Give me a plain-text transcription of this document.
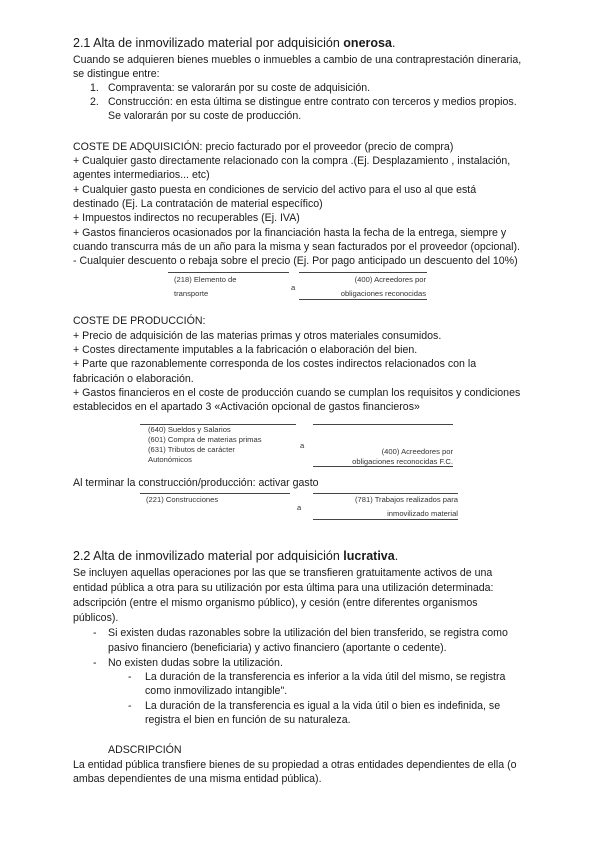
2.1 Alta de inmovilizado material por adquisición onerosa.
Cuando se adquieren bienes muebles o inmuebles a cambio de una contraprestación dineraria,
se distingue entre:
1. Compraventa: se valorarán por su coste de adquisición.
2. Construcción: en esta última se distingue entre contrato con terceros y medios propios.
Se valorarán por su coste de producción.
COSTE DE ADQUISICIÓN: precio facturado por el proveedor (precio de compra)
+ Cualquier gasto directamente relacionado con la compra .(Ej. Desplazamiento , instalación,
agentes intermediarios... etc)
+ Cualquier gasto puesta en condiciones de servicio del activo para el uso al que está
destinado (Ej. La contratación de material específico)
+ Impuestos indirectos no recuperables (Ej. IVA)
+ Gastos financieros ocasionados por la financiación hasta la fecha de la entrega, siempre y
cuando transcurra más de un año para la misma y sean facturados por el proveedor (opcional).
- Cualquier descuento o rebaja sobre el precio (Ej. Por pago anticipado un descuento del 10%)
(218) Elemento de
transporte
a
(400) Acreedores por
obligaciones reconocidas
COSTE DE PRODUCCIÓN:
+ Precio de adquisición de las materias primas y otros materiales consumidos.
+ Costes directamente imputables a la fabricación o elaboración del bien.
+ Parte que razonablemente corresponda de los costes indirectos relacionados con la
fabricación o elaboración.
+ Gastos financieros en el coste de producción cuando se cumplan los requisitos y condiciones
establecidos en el apartado 3 «Activación opcional de gastos financieros»
(640) Sueldos y Salarios
(601) Compra de materias primas
(631) Tributos de carácter
Autonómicos
a
(400) Acreedores por
obligaciones reconocidas F.C.
Al terminar la construcción/producción: activar gasto
(221) Construcciones
a
(781) Trabajos realizados para
inmovilizado material
2.2 Alta de inmovilizado material por adquisición lucrativa.
Se incluyen aquellas operaciones por las que se transfieren gratuitamente activos de una
entidad pública a otra para su utilización por esta última para una utilización determinada:
adscripción (entre el mismo organismo público), y cesión (entre diferentes organismos
públicos).
- Si existen dudas razonables sobre la utilización del bien transferido, se registra como
pasivo financiero (beneficiaria) y activo financiero (aportante o cedente).
- No existen dudas sobre la utilización.
- La duración de la transferencia es inferior a la vida útil del mismo, se registra
como inmovilizado intangible".
- La duración de la transferencia es igual a la vida útil o bien es indefinida, se
registra el bien en función de su naturaleza.
ADSCRIPCIÓN
La entidad pública transfiere bienes de su propiedad a otras entidades dependientes de ella (o
ambas dependientes de una misma entidad pública).
